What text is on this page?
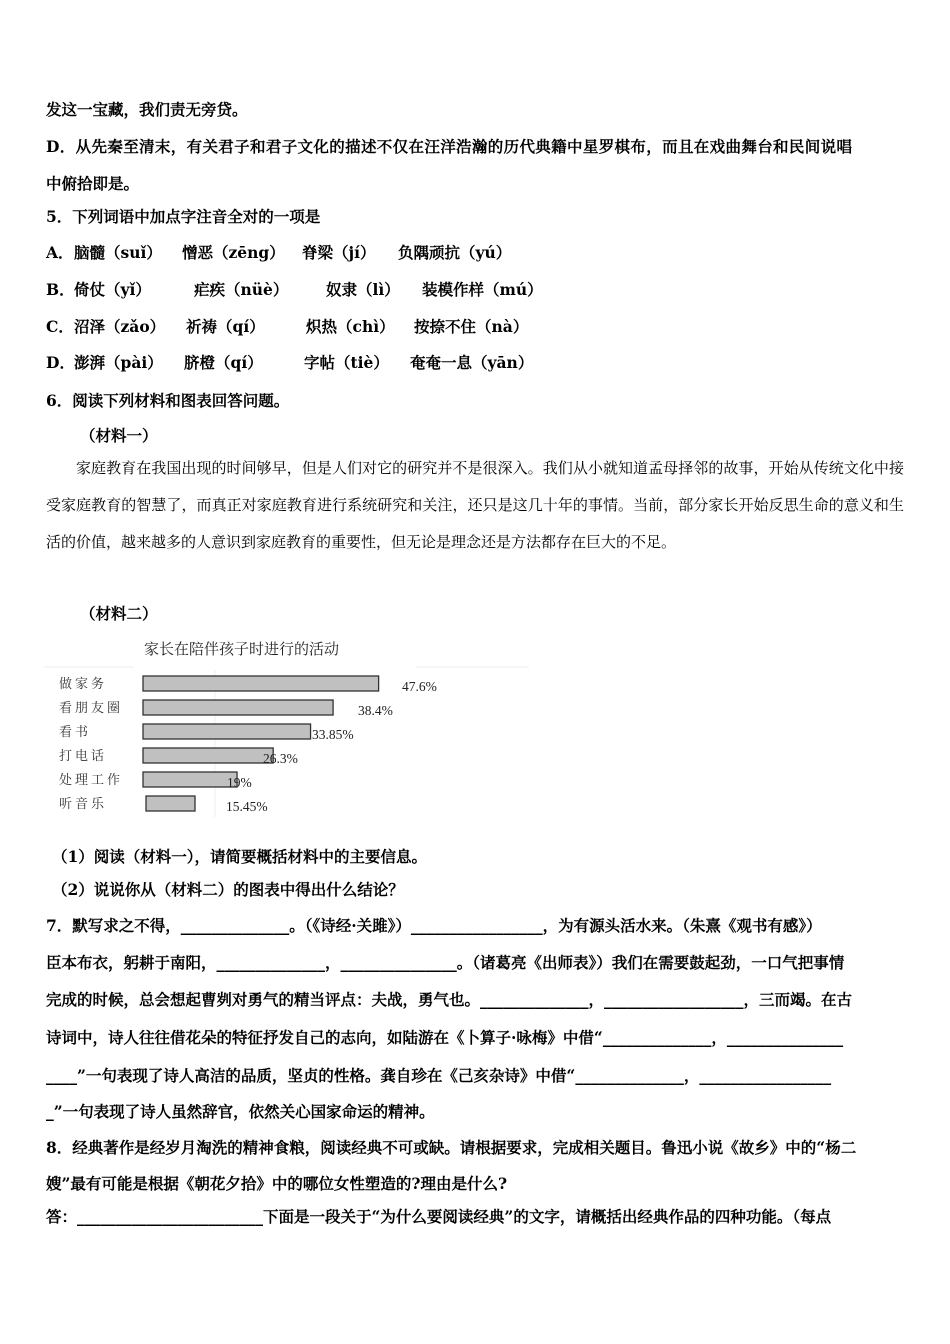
发这一宝藏，我们责无旁贷。
D．从先秦至清末，有关君子和君子文化的描述不仅在汪洋浩瀚的历代典籍中星罗棋布，而且在戏曲舞台和民间说唱
中俯拾即是。
5．下列词语中加点字注音全对的一项是
A． 脑髓（suǐ） 憎恶（zēng） 脊梁（jí） 负隅顽抗（yú）
B． 倚仗（yǐ）	疟疾（nüè） 奴隶（lì） 装模作样（mú）
C． 沼泽（zǎo） 祈祷（qí）	炽热（chì） 按捺不住（nà）
D． 澎湃（pài） 脐橙（qí）	字帖（tiè） 奄奄一息（yān）
6．阅读下列材料和图表回答问题。
（材料一）
家庭教育在我国出现的时间够早，但是人们对它的研究并不是很深入。我们从小就知道孟母择邻的故事，开始从传统文化中接受家庭教育的智慧了，而真正对家庭教育进行系统研究和关注，还只是这几十年的事情。当前，部分家长开始反思生命的意义和生活的价值，越来越多的人意识到家庭教育的重要性，但无论是理念还是方法都存在巨大的不足。
（材料二）
家长在陪伴孩子时进行的活动
做家务	47.6%
看朋友圈	38.4%
看书	33.85%
打电话	26.3%
处理工作	19%
听音乐	15.45%
（1）阅读（材料一），请简要概括材料中的主要信息。
（2）说说你从（材料二）的图表中得出什么结论？
7．默写求之不得，______________。（《诗经·关雎》）_________________，为有源头活水来。（朱熹《观书有感》）
臣本布衣，躬耕于南阳，______________，_______________。（诸葛亮《出师表》）我们在需要鼓起劲，一口气把事情
完成的时候，总会想起曹刿对勇气的精当评点：夫战，勇气也。______________，__________________，三而竭。在古
诗词中，诗人往往借花朵的特征抒发自己的志向，如陆游在《卜算子·咏梅》中借“______________，_______________
____”一句表现了诗人高洁的品质，坚贞的性格。龚自珍在《己亥杂诗》中借“______________，_________________
_”一句表现了诗人虽然辞官，依然关心国家命运的精神。
8．经典著作是经岁月淘洗的精神食粮，阅读经典不可或缺。请根据要求，完成相关题目。鲁迅小说《故乡》中的“杨二
嫂”最有可能是根据《朝花夕拾》中的哪位女性塑造的?理由是什么?
答：________________________下面是一段关于“为什么要阅读经典”的文字，请概括出经典作品的四种功能。（每点
